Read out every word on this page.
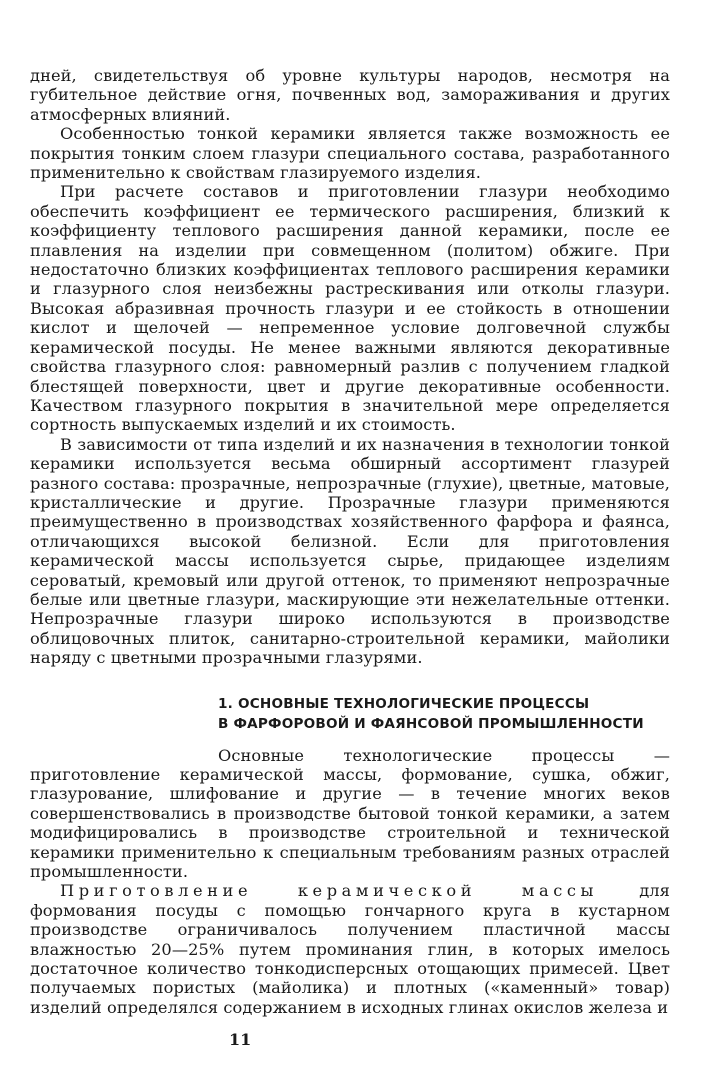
дней, свидетельствуя об уровне культуры народов, несмотря на губительное действие огня, почвенных вод, замораживания и других атмосферных влияний.

Особенностью тонкой керамики является также возможность ее покрытия тонким слоем глазури специального состава, разработанного применительно к свойствам глазируемого изделия.

При расчете составов и приготовлении глазури необходимо обеспечить коэффициент ее термического расширения, близкий к коэффициенту теплового расширения данной керамики, после ее плавления на изделии при совмещенном (политом) обжиге. При недостаточно близких коэффициентах теплового расширения керамики и глазурного слоя неизбежны растрескивания или отколы глазури. Высокая абразивная прочность глазури и ее стойкость в отношении кислот и щелочей — непременное условие долговечной службы керамической посуды. Не менее важными являются декоративные свойства глазурного слоя: равномерный разлив с получением гладкой блестящей поверхности, цвет и другие декоративные особенности. Качеством глазурного покрытия в значительной мере определяется сортность выпускаемых изделий и их стоимость.

В зависимости от типа изделий и их назначения в технологии тонкой керамики используется весьма обширный ассортимент глазурей разного состава: прозрачные, непрозрачные (глухие), цветные, матовые, кристаллические и другие. Прозрачные глазури применяются преимущественно в производствах хозяйственного фарфора и фаянса, отличающихся высокой белизной. Если для приготовления керамической массы используется сырье, придающее изделиям сероватый, кремовый или другой оттенок, то применяют непрозрачные белые или цветные глазури, маскирующие эти нежелательные оттенки. Непрозрачные глазури широко используются в производстве облицовочных плиток, санитарно-строительной керамики, майолики наряду с цветными прозрачными глазурями.

1. ОСНОВНЫЕ ТЕХНОЛОГИЧЕСКИЕ ПРОЦЕССЫ
В ФАРФОРОВОЙ И ФАЯНСОВОЙ ПРОМЫШЛЕННОСТИ

Основные технологические процессы — приготовление керамической массы, формование, сушка, обжиг, глазурование, шлифование и другие — в течение многих веков совершенствовались в производстве бытовой тонкой керамики, а затем модифицировались в производстве строительной и технической керамики применительно к специальным требованиям разных отраслей промышленности.

Приготовление керамической массы для формования посуды с помощью гончарного круга в кустарном производстве ограничивалось получением пластичной массы влажностью 20—25% путем проминания глин, в которых имелось достаточное количество тонкодисперсных отощающих примесей. Цвет получаемых пористых (майолика) и плотных («каменный» товар) изделий определялся содержанием в исходных глинах окислов железа и

11
